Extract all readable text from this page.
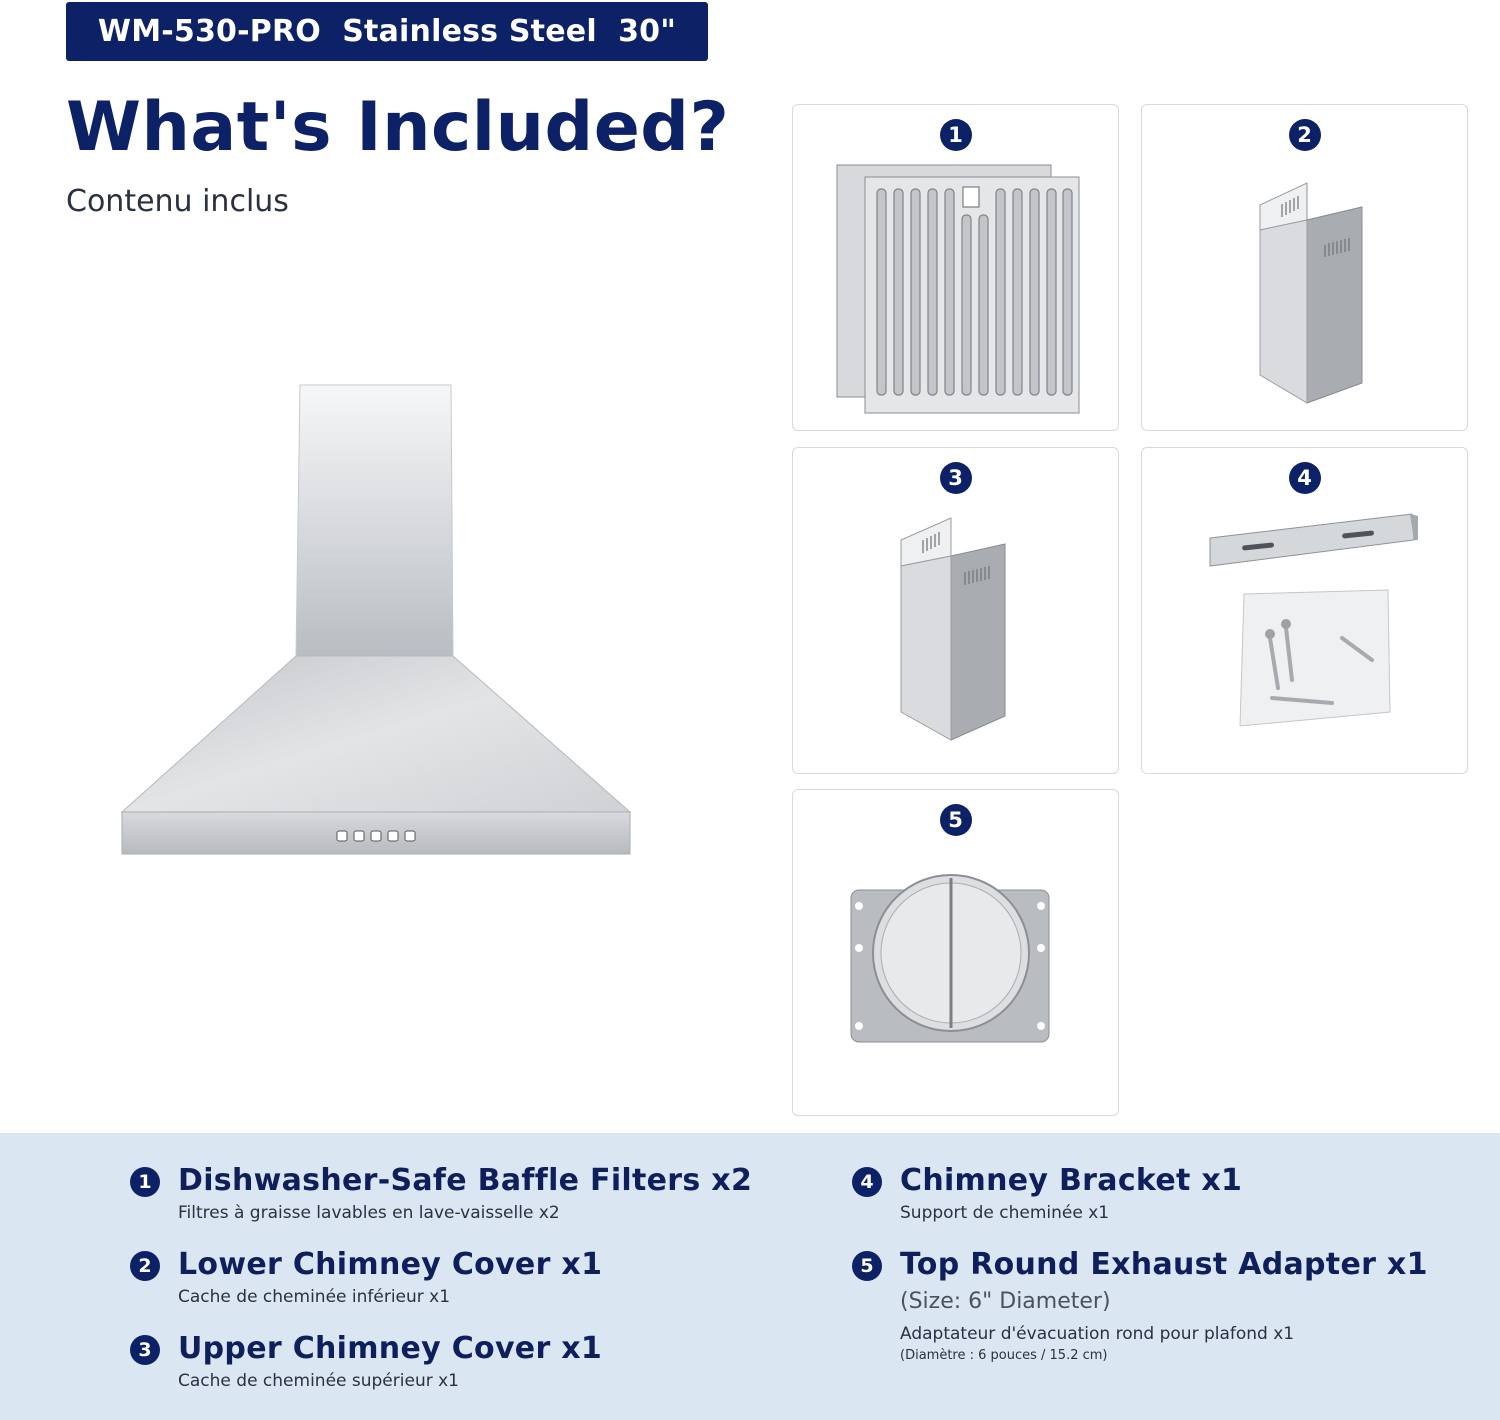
WM-530-PRO  Stainless Steel  30"
What's Included?

Contenu inclus

1	2
3	4
5
1 Dishwasher-Safe Baffle Filters x2
Filtres à graisse lavables en lave-vaisselle x2
2 Lower Chimney Cover x1
Cache de cheminée inférieur x1
3 Upper Chimney Cover x1
Cache de cheminée supérieur x1
4 Chimney Bracket x1
Support de cheminée x1
5 Top Round Exhaust Adapter x1
(Size: 6" Diameter)
Adaptateur d'évacuation rond pour plafond x1
(Diamètre : 6 pouces / 15.2 cm)
